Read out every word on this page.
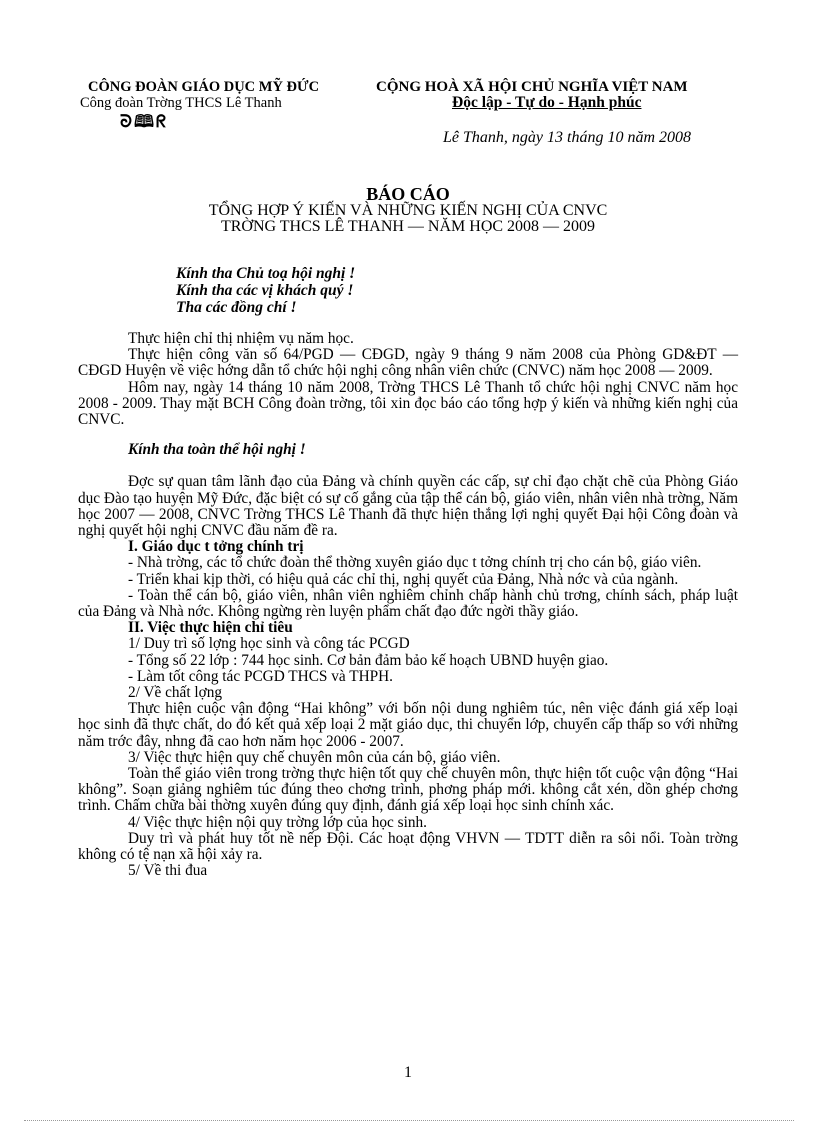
CÔNG ĐOÀN GIÁO DỤC MỸ ĐỨC
Công đoàn Trờng THCS Lê Thanh
ᘐ🕮ᖇ
CỘNG HOÀ XÃ HỘI CHỦ NGHĨA VIỆT NAM
Độc lập - Tự do - Hạnh phúc
Lê Thanh, ngày 13 tháng 10 năm 2008
BÁO CÁO
TỔNG HỢP Ý KIẾN VÀ NHỮNG KIẾN NGHỊ CỦA CNVC
TRỜNG THCS LÊ THANH — NĂM HỌC 2008 — 2009
Kính tha Chủ toạ hội nghị !
Kính tha các vị khách quý !
Tha các đồng chí !

Thực hiện chỉ thị nhiệm vụ năm học.

Thực hiện công văn số 64/PGD — CĐGD, ngày 9 tháng 9 năm 2008 của Phòng GD&ĐT — CĐGD Huyện về việc hớng dẫn tổ chức hội nghị công nhân viên chức (CNVC) năm học 2008 — 2009.

Hôm nay, ngày 14 tháng 10 năm 2008, Trờng THCS Lê Thanh tổ chức hội nghị CNVC năm học 2008 - 2009. Thay mặt BCH Công đoàn trờng, tôi xin đọc báo cáo tổng hợp ý kiến và những kiến nghị của CNVC.

Kính tha toàn thể hội nghị !

Đợc sự quan tâm lãnh đạo của Đảng và chính quyền các cấp, sự chỉ đạo chặt chẽ của Phòng Giáo dục Đào tạo huyện Mỹ Đức, đặc biệt có sự cố gắng của tập thể cán bộ, giáo viên, nhân viên nhà trờng, Năm học 2007 — 2008, CNVC Trờng THCS Lê Thanh đã thực hiện thắng lợi nghị quyết Đại hội Công đoàn và nghị quyết hội nghị CNVC đầu năm đề ra.

I. Giáo dục t tởng chính trị

- Nhà trờng, các tổ chức đoàn thể thờng xuyên giáo dục t tởng chính trị cho cán bộ, giáo viên.

- Triển khai kịp thời, có hiệu quả các chỉ thị, nghị quyết của Đảng, Nhà nớc và của ngành.

- Toàn thể cán bộ, giáo viên, nhân viên nghiêm chỉnh chấp hành chủ trơng, chính sách, pháp luật của Đảng và Nhà nớc. Không ngừng rèn luyện phẩm chất đạo đức ngời thầy giáo.

II. Việc thực hiện chỉ tiêu

1/ Duy trì số lợng học sinh và công tác PCGD

- Tổng số 22 lớp : 744 học sinh. Cơ bản đảm bảo kế hoạch UBND huyện giao.

- Làm tốt công tác PCGD THCS và THPH.

2/ Về chất lợng

Thực hiện cuộc vận động “Hai không” với bốn nội dung nghiêm túc, nên việc đánh giá xếp loại học sinh đã thực chất, do đó kết quả xếp loại 2 mặt giáo dục, thi chuyển lớp, chuyển cấp thấp so với những năm trớc đây, nhng đã cao hơn năm học 2006 - 2007.

3/ Việc thực hiện quy chế chuyên môn của cán bộ, giáo viên.

Toàn thể giáo viên trong trờng thực hiện tốt quy chế chuyên môn, thực hiện tốt cuộc vận động “Hai không”. Soạn giảng nghiêm túc đúng theo chơng trình, phơng pháp mới. không cắt xén, dồn ghép chơng trình. Chấm chữa bài thờng xuyên đúng quy định, đánh giá xếp loại học sinh chính xác.

4/ Việc thực hiện nội quy trờng lớp của học sinh.

Duy trì và phát huy tốt nề nếp Đội. Các hoạt động VHVN — TDTT diễn ra sôi nổi. Toàn trờng không có tệ nạn xã hội xảy ra.

5/ Về thi đua

1
